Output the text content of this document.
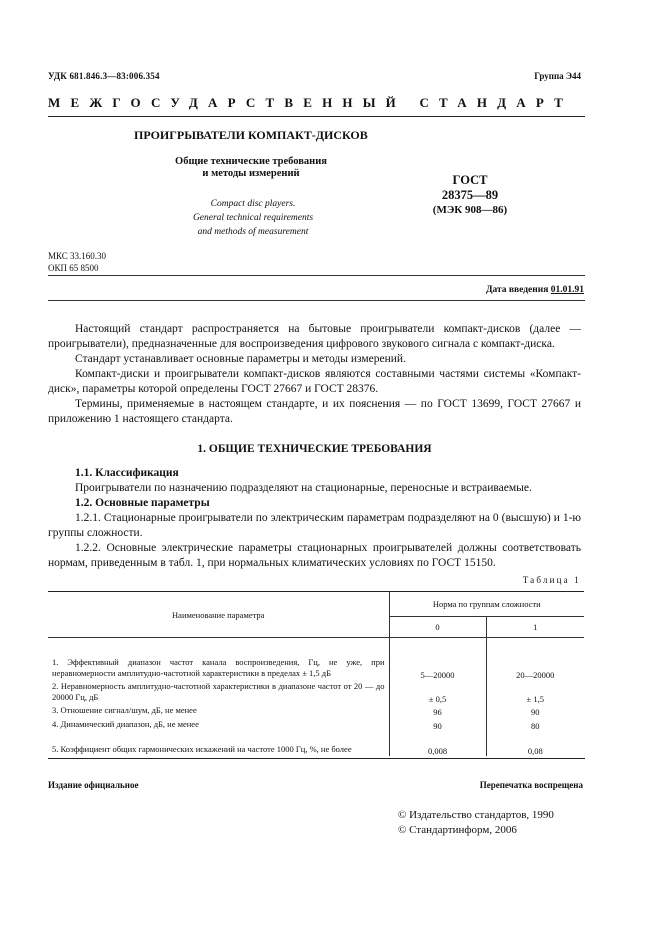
УДК 681.846.3—83:006.354	Группа Э44
МЕЖГОСУДАРСТВЕННЫЙ СТАНДАРТ
ПРОИГРЫВАТЕЛИ КОМПАКТ-ДИСКОВ
Общие технические требования
и методы измерений
Compact disc players.
General technical requirements
and methods of measurement
ГОСТ
28375—89
(МЭК 908—86)
МКС 33.160.30
ОКП 65 8500
Дата введения 01.01.91

Настоящий стандарт распространяется на бытовые проигрыватели компакт-дисков (далее — проигрыватели), предназначенные для воспроизведения цифрового звукового сигнала с компакт-диска.

Стандарт устанавливает основные параметры и методы измерений.

Компакт-диски и проигрыватели компакт-дисков являются составными частями системы «Компакт-диск», параметры которой определены ГОСТ 27667 и ГОСТ 28376.

Термины, применяемые в настоящем стандарте, и их пояснения — по ГОСТ 13699, ГОСТ 27667 и приложению 1 настоящего стандарта.

1. ОБЩИЕ ТЕХНИЧЕСКИЕ ТРЕБОВАНИЯ

1.1. Классификация

Проигрыватели по назначению подразделяют на стационарные, переносные и встраиваемые.

1.2. Основные параметры

1.2.1. Стационарные проигрыватели по электрическим параметрам подразделяют на 0 (высшую) и 1-ю группы сложности.

1.2.2. Основные электрические параметры стационарных проигрывателей должны соответствовать нормам, приведенным в табл. 1, при нормальных климатических условиях по ГОСТ 15150.

Таблица 1
Наименование параметра	Норма по группам сложности	
	0	1
1. Эффективный диапазон частот канала воспроизведения, Гц, не уже, при неравномерности амплитудно-частотной характеристики в пределах ± 1,5 дБ	5—20000	20—20000
2. Неравномерность амплитудно-частотной характеристики в диапазоне частот от 20 — до 20000 Гц, дБ	± 0,5	± 1,5
3. Отношение сигнал/шум, дБ, не менее	96	90
4. Динамический диапазон, дБ, не менее	90	80
5. Коэффициент общих гармонических искажений на частоте 1000 Гц, %, не более	0,008	0,08
Издание официальное	Перепечатка воспрещена
© Издательство стандартов, 1990
© Стандартинформ, 2006
